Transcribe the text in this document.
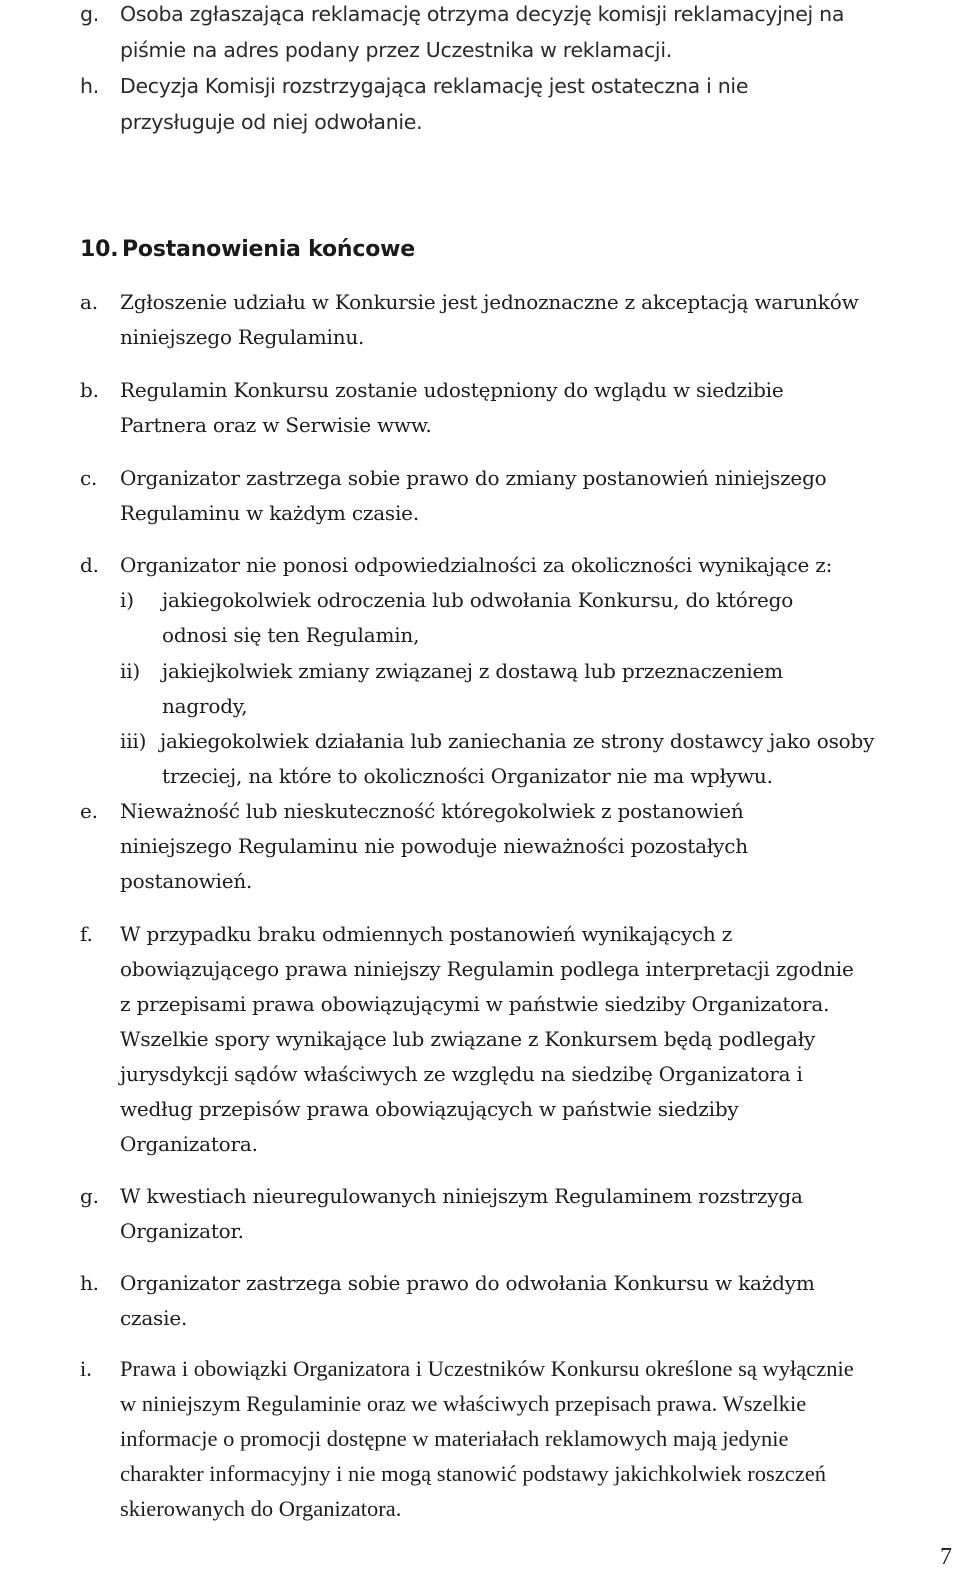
g. Osoba zgłaszająca reklamację otrzyma decyzję komisji reklamacyjnej na
piśmie na adres podany przez Uczestnika w reklamacji.
h. Decyzja Komisji rozstrzygająca reklamację jest ostateczna i nie
przysługuje od niej odwołanie.
10. Postanowienia końcowe
a. Zgłoszenie udziału w Konkursie jest jednoznaczne z akceptacją warunków
niniejszego Regulaminu.
b. Regulamin Konkursu zostanie udostępniony do wglądu w siedzibie
Partnera oraz w Serwisie www.
c. Organizator zastrzega sobie prawo do zmiany postanowień niniejszego
Regulaminu w każdym czasie.
d. Organizator nie ponosi odpowiedzialności za okoliczności wynikające z:
i) jakiegokolwiek odroczenia lub odwołania Konkursu, do którego
odnosi się ten Regulamin,
ii) jakiejkolwiek zmiany związanej z dostawą lub przeznaczeniem
nagrody,
iii) jakiegokolwiek działania lub zaniechania ze strony dostawcy jako osoby
trzeciej, na które to okoliczności Organizator nie ma wpływu.
e. Nieważność lub nieskuteczność któregokolwiek z postanowień
niniejszego Regulaminu nie powoduje nieważności pozostałych
postanowień.
f. W przypadku braku odmiennych postanowień wynikających z
obowiązującego prawa niniejszy Regulamin podlega interpretacji zgodnie
z przepisami prawa obowiązującymi w państwie siedziby Organizatora.
Wszelkie spory wynikające lub związane z Konkursem będą podlegały
jurysdykcji sądów właściwych ze względu na siedzibę Organizatora i
według przepisów prawa obowiązujących w państwie siedziby
Organizatora.
g. W kwestiach nieuregulowanych niniejszym Regulaminem rozstrzyga
Organizator.
h. Organizator zastrzega sobie prawo do odwołania Konkursu w każdym
czasie.
i. Prawa i obowiązki Organizatora i Uczestników Konkursu określone są wyłącznie
w niniejszym Regulaminie oraz we właściwych przepisach prawa. Wszelkie
informacje o promocji dostępne w materiałach reklamowych mają jedynie
charakter informacyjny i nie mogą stanowić podstawy jakichkolwiek roszczeń
skierowanych do Organizatora.
7
